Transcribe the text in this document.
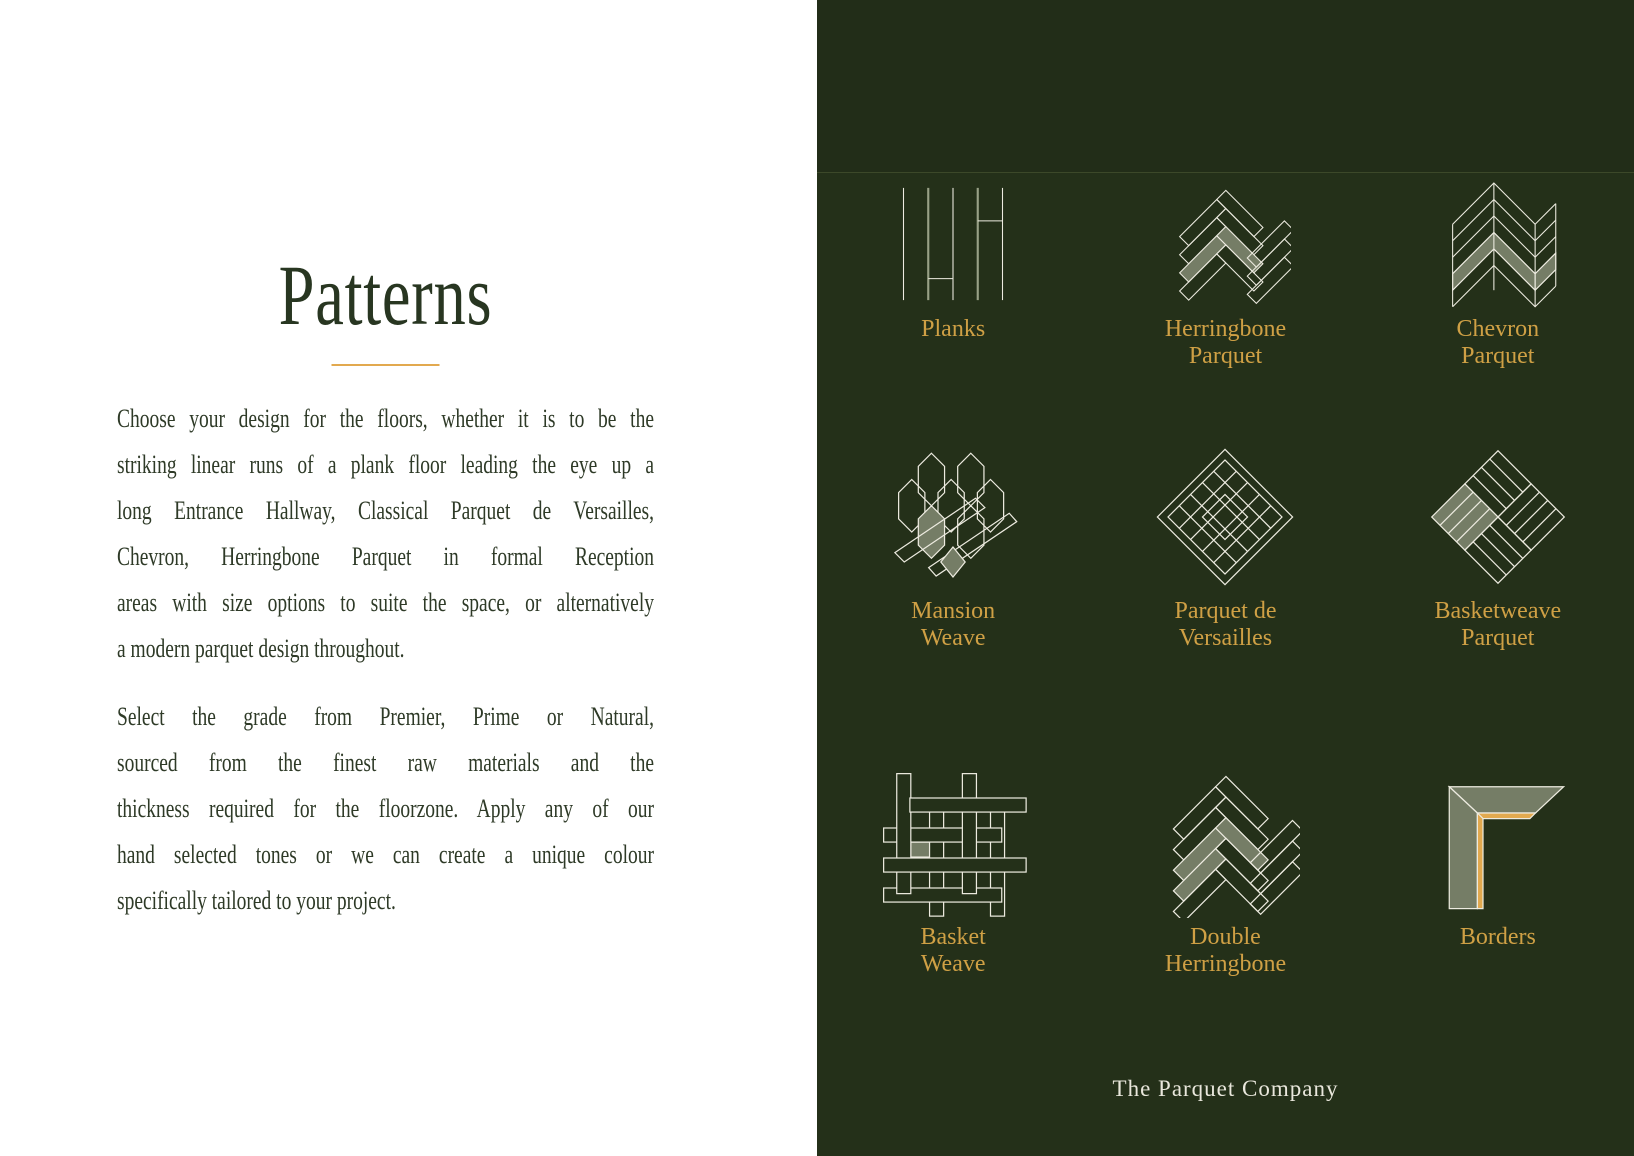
Patterns
Choose your design for the floors, whether it is to be the
striking linear runs of a plank floor leading the eye up a
long Entrance Hallway, Classical Parquet de Versailles,
Chevron, Herringbone Parquet in formal Reception
areas with size options to suite the space, or alternatively
a modern parquet design throughout.
Select the grade from Premier, Prime or Natural,
sourced from the finest raw materials and the
thickness required for the floorzone. Apply any of our
hand selected tones or we can create a unique colour
specifically tailored to your project.
Planks	Herringbone
Parquet
Chevron
Parquet
Mansion
Weave
Parquet de
Versailles
Basketweave
Parquet
Basket
Weave
Double
Herringbone
Borders
The Parquet Company
